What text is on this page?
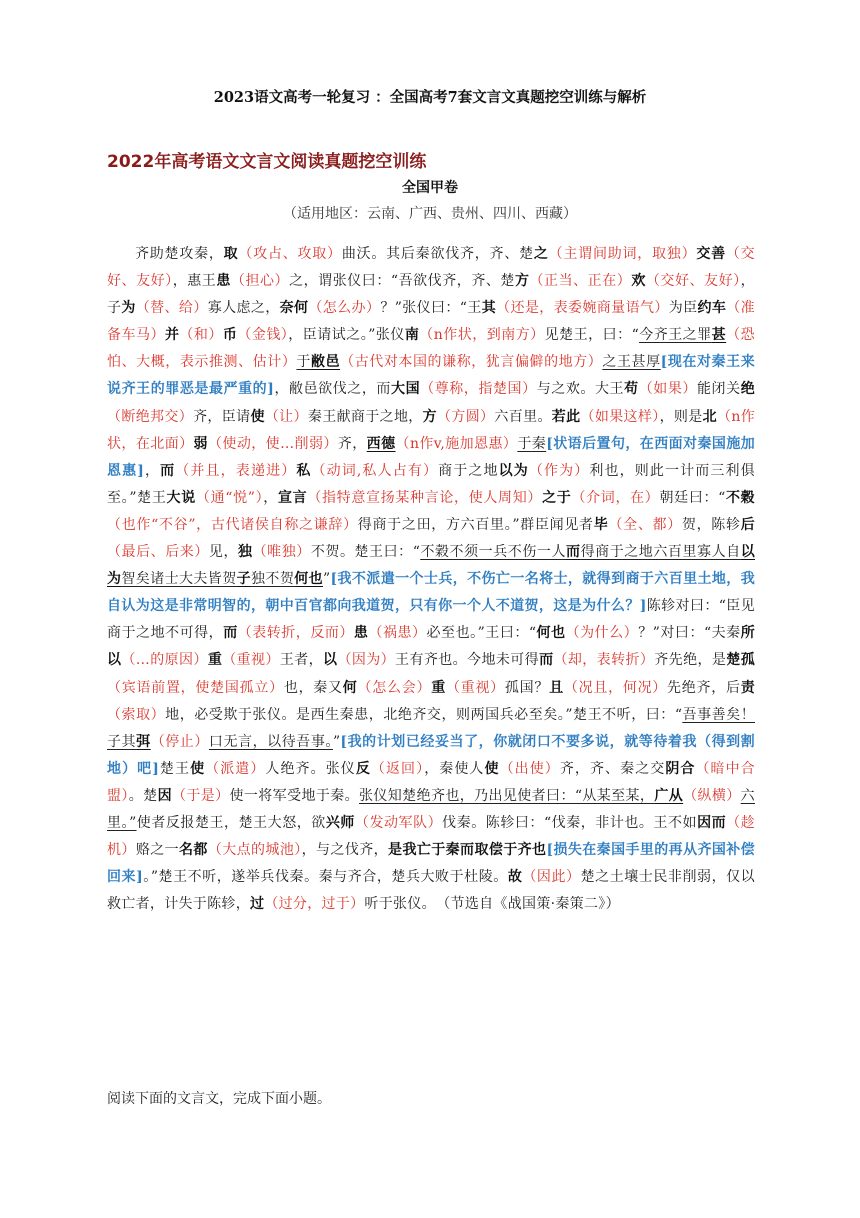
2023语文高考一轮复习 ：全国高考7套文言文真题挖空训练与解析
2022年高考语文文言文阅读真题挖空训练
全国甲卷
（适用地区：云南、广西、贵州、四川、西藏）

齐助楚攻秦，取（攻占、攻取）曲沃。其后秦欲伐齐，齐、楚之（主谓间助词，取独）交善（交好、友好），惠王患（担心）之，谓张仪曰：“吾欲伐齐，齐、楚方（正当、正在）欢（交好、友好），子为（替、给）寡人虑之，奈何（怎么办）？”张仪曰：“王其（还是，表委婉商量语气）为臣约车（准备车马）并（和）币（金钱），臣请试之。”张仪南（n作状，到南方）见楚王，曰：“今齐王之罪甚（恐怕、大概，表示推测、估计）于敝邑（古代对本国的谦称，犹言偏僻的地方）之王甚厚[现在对秦王来说齐王的罪恶是最严重的]，敝邑欲伐之，而大国（尊称，指楚国）与之欢。大王苟（如果）能闭关绝（断绝邦交）齐，臣请使（让）秦王献商于之地，方（方圆）六百里。若此（如果这样），则是北（n作状，在北面）弱（使动，使…削弱）齐，西德（n作v,施加恩惠）于秦[状语后置句，在西面对秦国施加恩惠]，而（并且，表递进）私（动词,私人占有）商于之地以为（作为）利也，则此一计而三利俱至。”楚王大说（通“悦”），宣言（指特意宣扬某种言论，使人周知）之于（介词，在）朝廷曰：“不穀（也作“不谷”，古代诸侯自称之谦辞）得商于之田，方六百里。”群臣闻见者毕（全、都）贺，陈轸后（最后、后来）见，独（唯独）不贺。楚王曰：“不穀不须一兵不伤一人而得商于之地六百里寡人自以为智矣诸士大夫皆贺子独不贺何也”[我不派遣一个士兵，不伤亡一名将士，就得到商于六百里土地，我自认为这是非常明智的，朝中百官都向我道贺，只有你一个人不道贺，这是为什么？]陈轸对曰：“臣见商于之地不可得，而（表转折，反而）患（祸患）必至也。”王曰：“何也（为什么）？”对曰：“夫秦所以（…的原因）重（重视）王者，以（因为）王有齐也。今地未可得而（却，表转折）齐先绝，是楚孤（宾语前置，使楚国孤立）也，秦又何（怎么会）重（重视）孤国？且（况且，何况）先绝齐，后责（索取）地，必受欺于张仪。是西生秦患，北绝齐交，则两国兵必至矣。”楚王不听，曰：“吾事善矣！子其弭（停止）口无言，以待吾事。”[我的计划已经妥当了，你就闭口不要多说，就等待着我（得到割地）吧]楚王使（派遣）人绝齐。张仪反（返回），秦使人使（出使）齐，齐、秦之交阴合（暗中合盟）。楚因（于是）使一将军受地于秦。张仪知楚绝齐也，乃出见使者曰：“从某至某，广从（纵横）六里。”使者反报楚王，楚王大怒，欲兴师（发动军队）伐秦。陈轸曰：“伐秦，非计也。王不如因而（趁机）赂之一名都（大点的城池），与之伐齐，是我亡于秦而取偿于齐也[损失在秦国手里的再从齐国补偿回来]。”楚王不听，遂举兵伐秦。秦与齐合，楚兵大败于杜陵。故（因此）楚之土壤士民非削弱，仅以救亡者，计失于陈轸，过（过分，过于）听于张仪。　（节选自《战国策·秦策二》）

阅读下面的文言文，完成下面小题。
